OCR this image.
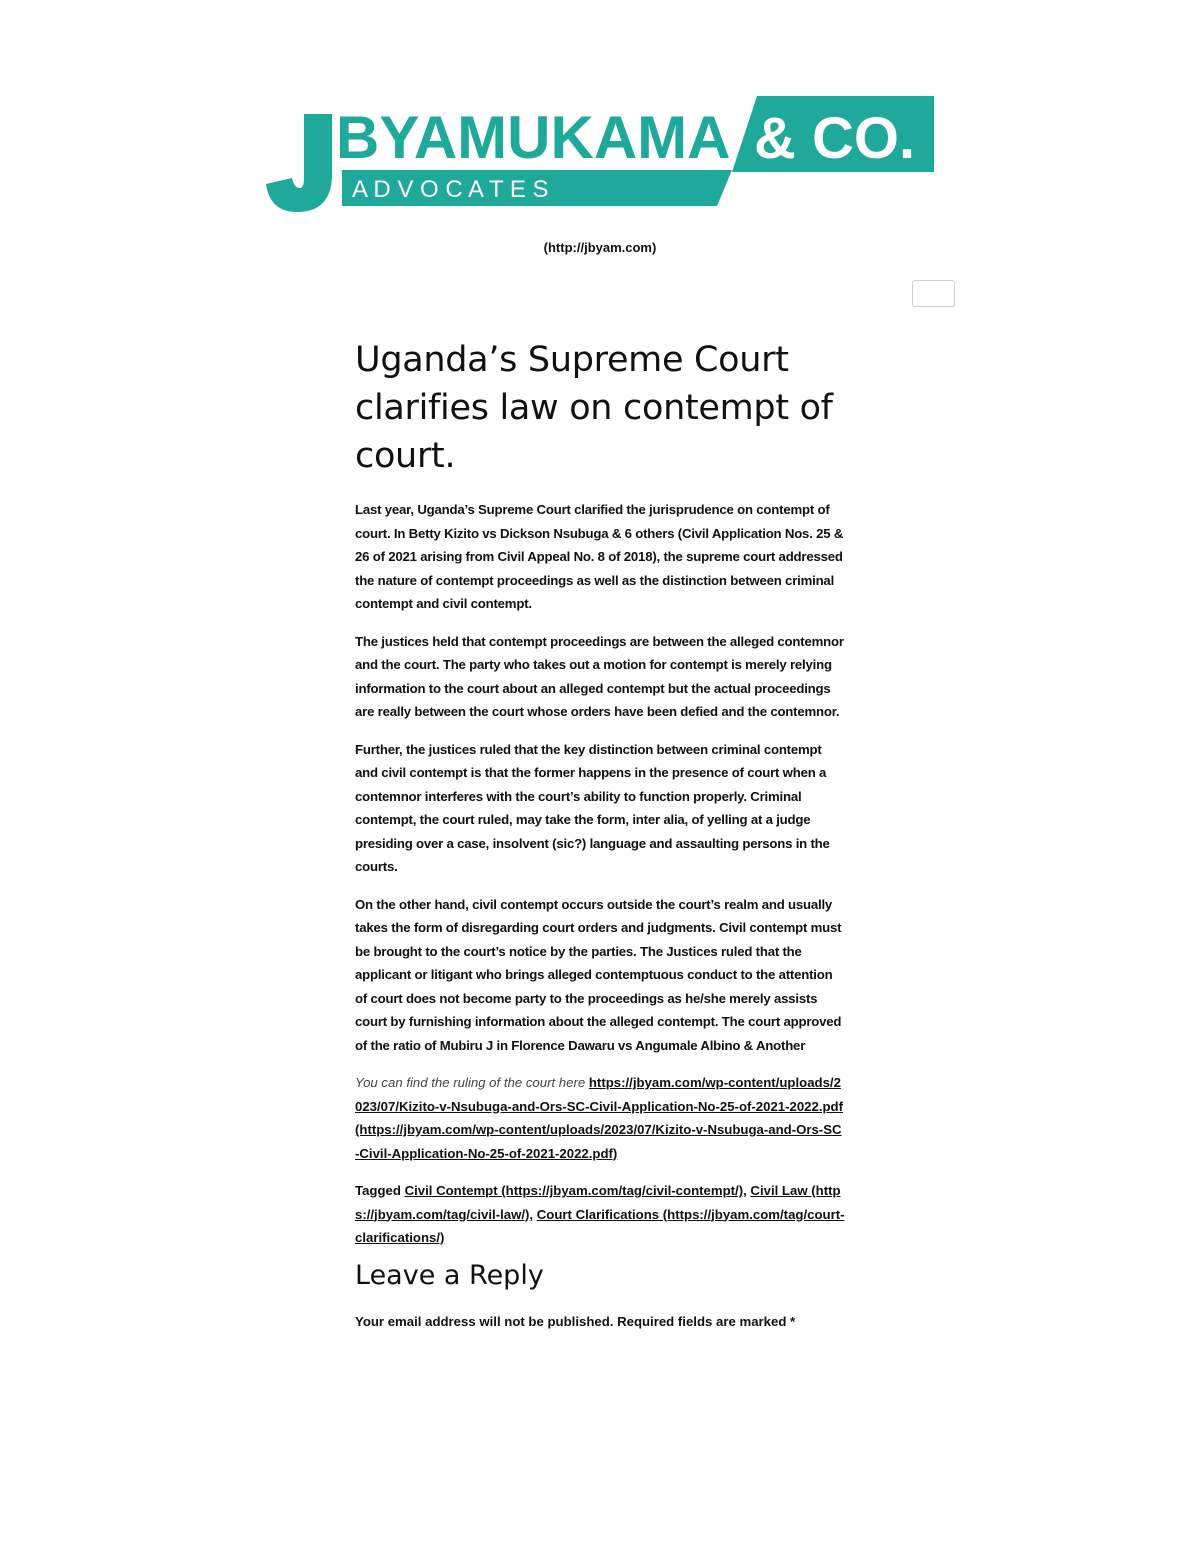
BYAMUKAMA & CO.
A D V O C A T E S
(http://jbyam.com)
Uganda’s Supreme Court clarifies law on contempt of court.

Last year, Uganda’s Supreme Court clarified the jurisprudence on contempt of court. In Betty Kizito vs Dickson Nsubuga & 6 others (Civil Application Nos. 25 & 26 of 2021 arising from Civil Appeal No. 8 of 2018), the supreme court addressed the nature of contempt proceedings as well as the distinction between criminal contempt and civil contempt.

The justices held that contempt proceedings are between the alleged contemnor and the court. The party who takes out a motion for contempt is merely relying information to the court about an alleged contempt but the actual proceedings are really between the court whose orders have been defied and the contemnor.

Further, the justices ruled that the key distinction between criminal contempt and civil contempt is that the former happens in the presence of court when a contemnor interferes with the court’s ability to function properly. Criminal contempt, the court ruled, may take the form, inter alia, of yelling at a judge presiding over a case, insolvent (sic?) language and assaulting persons in the courts.

On the other hand, civil contempt occurs outside the court’s realm and usually takes the form of disregarding court orders and judgments. Civil contempt must be brought to the court’s notice by the parties. The Justices ruled that the applicant or litigant who brings alleged contemptuous conduct to the attention of court does not become party to the proceedings as he/she merely assists court by furnishing information about the alleged contempt. The court approved of the ratio of Mubiru J in Florence Dawaru vs Angumale Albino & Another

You can find the ruling of the court here https://jbyam.com/wp-content/uploads/2023/07/Kizito-v-Nsubuga-and-Ors-SC-Civil-Application-No-25-of-2021-2022.pdf (https://jbyam.com/wp-content/uploads/2023/07/Kizito-v-Nsubuga-and-Ors-SC-Civil-Application-No-25-of-2021-2022.pdf)

Tagged Civil Contempt (https://jbyam.com/tag/civil-contempt/), Civil Law (https://jbyam.com/tag/civil-law/), Court Clarifications (https://jbyam.com/tag/court-clarifications/)

Leave a Reply

Your email address will not be published. Required fields are marked *
